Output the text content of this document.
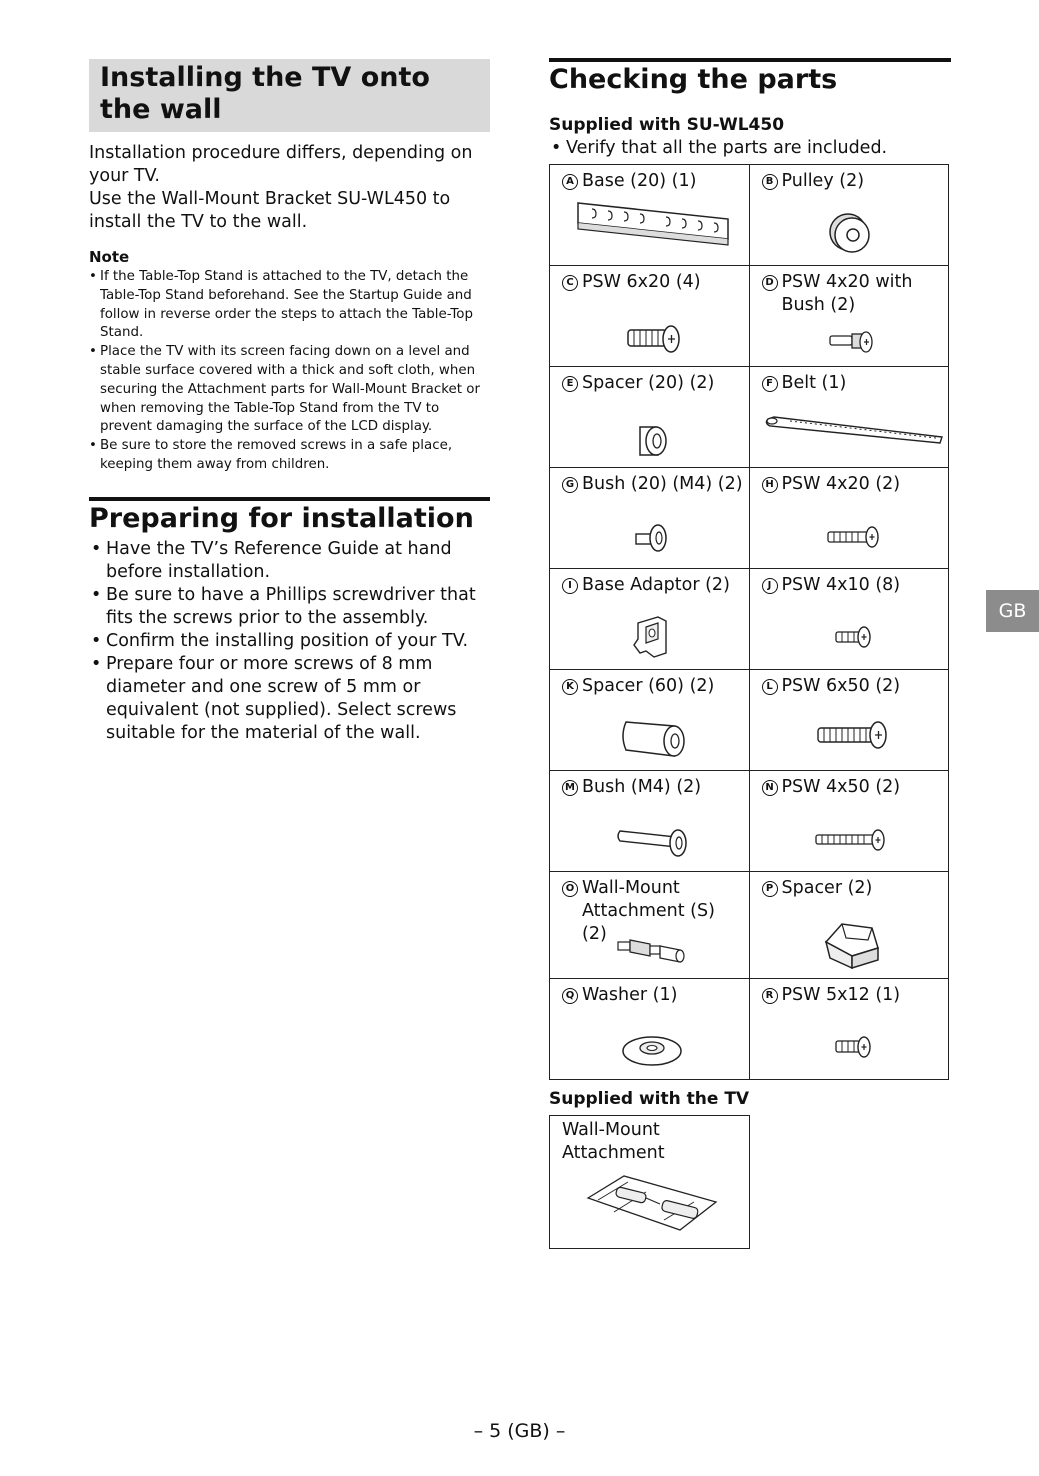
Installing the TV onto the wall

Installation procedure differs, depending on your TV.

Use the Wall-Mount Bracket SU-WL450 to install the TV to the wall.

Note
• If the Table-Top Stand is attached to the TV, detach the Table-Top Stand beforehand. See the Startup Guide and follow in reverse order the steps to attach the Table-Top Stand.
• Place the TV with its screen facing down on a level and stable surface covered with a thick and soft cloth, when securing the Attachment parts for Wall-Mount Bracket or when removing the Table-Top Stand from the TV to prevent damaging the surface of the LCD display.
• Be sure to store the removed screws in a safe place, keeping them away from children.
Preparing for installation
• Have the TV’s Reference Guide at hand before installation.
• Be sure to have a Phillips screwdriver that fits the screws prior to the assembly.
• Confirm the installing position of your TV.
• Prepare four or more screws of 8 mm diameter and one screw of 5 mm or equivalent (not supplied). Select screws suitable for the material of the wall.
Checking the parts
Supplied with SU-WL450
• Verify that all the parts are included.
A Base (20) (1)	B Pulley (2)

C PSW 6x20 (4)	D PSW 4x20 with Bush (2)

E Spacer (20) (2)	F Belt (1)

G Bush (20) (M4) (2)	H PSW 4x20 (2)

I Base Adaptor (2)	J PSW 4x10 (8)

K Spacer (60) (2)	L PSW 6x50 (2)

M Bush (M4) (2)	N PSW 4x50 (2)

O Wall-Mount Attachment (S) (2)	P Spacer (2)

Q Washer (1)	R PSW 5x12 (1)
Supplied with the TV
Wall-Mount Attachment
GB
– 5 (GB) –
